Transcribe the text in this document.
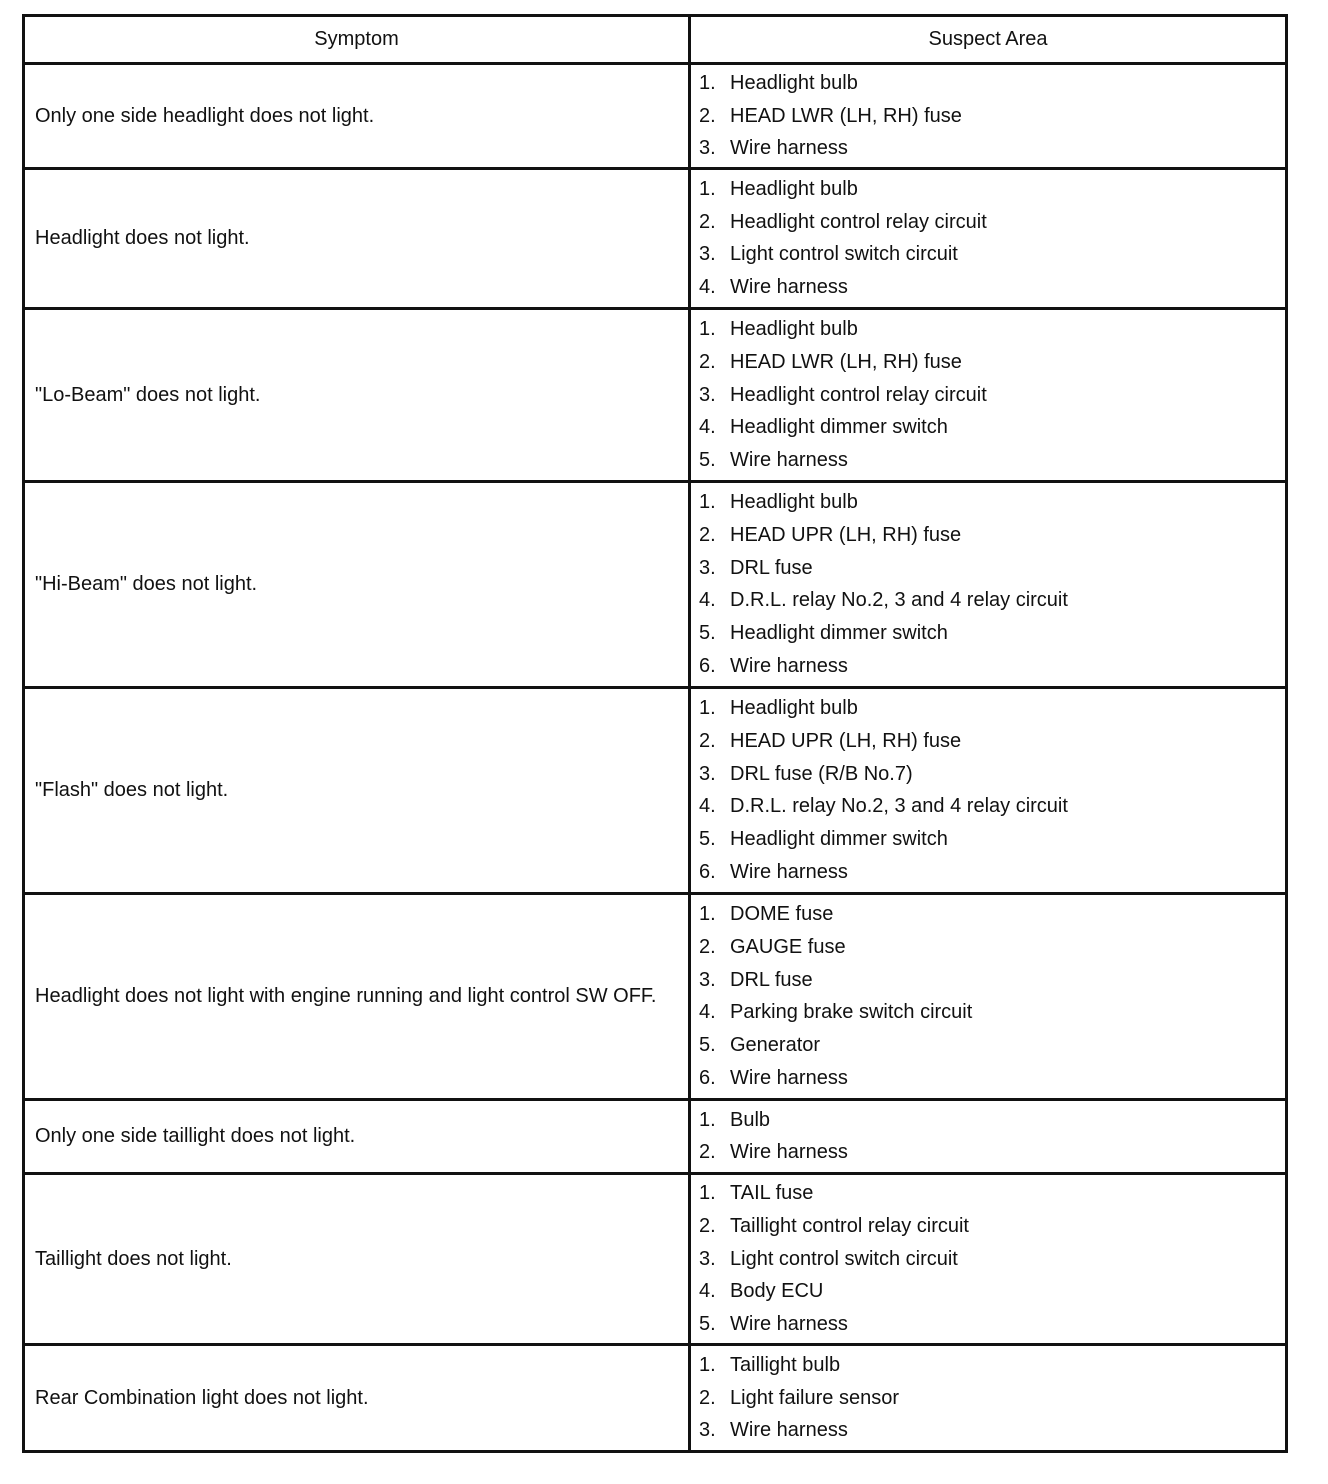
Symptom	Suspect Area
Only one side headlight does not light.
1. Headlight bulb
2. HEAD LWR (LH, RH) fuse
3. Wire harness
Headlight does not light.
1. Headlight bulb
2. Headlight control relay circuit
3. Light control switch circuit
4. Wire harness
"Lo-Beam" does not light.
1. Headlight bulb
2. HEAD LWR (LH, RH) fuse
3. Headlight control relay circuit
4. Headlight dimmer switch
5. Wire harness
"Hi-Beam" does not light.
1. Headlight bulb
2. HEAD UPR (LH, RH) fuse
3. DRL fuse
4. D.R.L. relay No.2, 3 and 4 relay circuit
5. Headlight dimmer switch
6. Wire harness
"Flash" does not light.
1. Headlight bulb
2. HEAD UPR (LH, RH) fuse
3. DRL fuse (R/B No.7)
4. D.R.L. relay No.2, 3 and 4 relay circuit
5. Headlight dimmer switch
6. Wire harness
Headlight does not light with engine running and light control SW OFF.
1. DOME fuse
2. GAUGE fuse
3. DRL fuse
4. Parking brake switch circuit
5. Generator
6. Wire harness
Only one side taillight does not light.
1. Bulb
2. Wire harness
Taillight does not light.
1. TAIL fuse
2. Taillight control relay circuit
3. Light control switch circuit
4. Body ECU
5. Wire harness
Rear Combination light does not light.
1. Taillight bulb
2. Light failure sensor
3. Wire harness
